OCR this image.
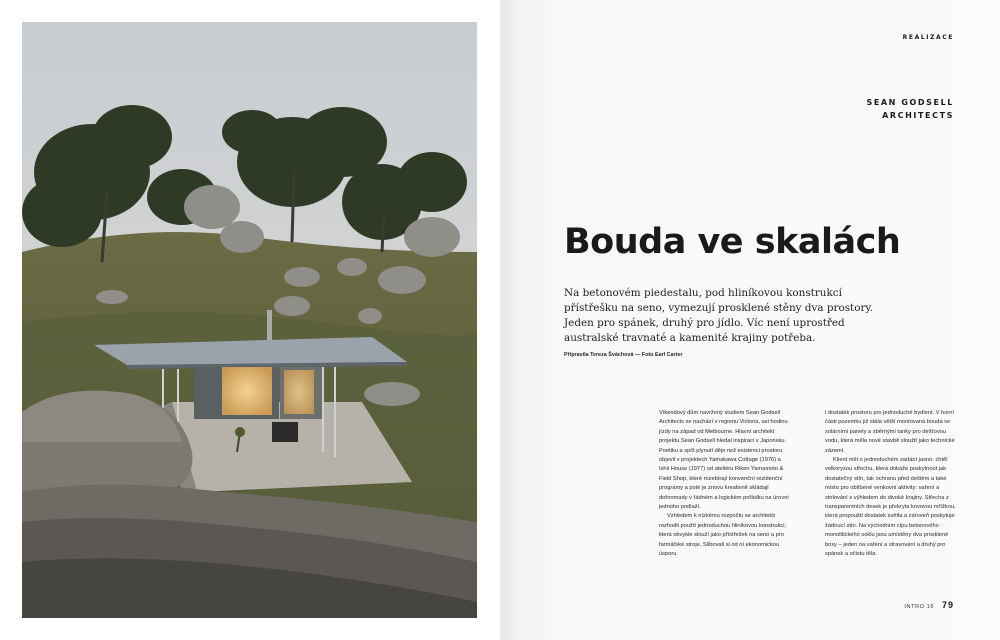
REALIZACE
SEAN GODSELL
ARCHITECTS
Bouda ve skalách

Na betonovém piedestalu, pod hliníkovou konstrukcí přístřešku na seno, vymezují prosklené stěny dva prostory. Jeden pro spánek, druhý pro jídlo. Víc není uprostřed australské travnaté a kamenité krajiny potřeba.

Připravila Tereza Šváchová — Foto Earl Carter

Víkendový dům navržený studiem Sean Godsell Architects se nachází v regionu Victoria, asi hodinu jízdy na západ od Melbourne. Hlavní architekt projektu Sean Godsell hledal inspiraci v Japonsku. Poetiku a spíš plynutí děje než existenci prostoru objevil v projektech Yamakawa Cottage (1976) a Ishii House (1977) od ateliéru Riken Yamamoto & Field Shop, které rozebírají konvenční rezidenční programy a poté je znovu kreativně skládají dohromady v řádném a logickém pořádku na úrovni jednoho podlaží.

Vzhledem k nízkému rozpočtu se architekti rozhodli použít jednoduchou hliníkovou konstrukci, která obvykle slouží jako přístřešek na seno a pro farmářské stroje. Slibovali si od ní ekonomickou úsporu

i dostatek prostoru pro jednoduché bydlení. V horní části pozemku již stála větší montovaná bouda se solárními panely a sběrnými tanky pro dešťovou vodu, která měla nové stavbě sloužit jako technické zázemí.

Klient měl o jednoduchém zadání jasno: chtěl velkorysou střechu, která dokáže poskytnout jak dostatečný stín, tak ochranu před deštěm a také místo pro oblíbené venkovní aktivity: vaření a stolování s výhledem do divoké krajiny. Střecha z transparentních desek je překryta kovovou mřížkou, která propouští dostatek světla a zároveň poskytuje žádoucí stín. Na východním cípu betonového monolitického soklu jsou umístěny dva prosklené boxy – jeden na vaření a stravování a druhý pro spánek a očistu těla.

INTRO 16 79
